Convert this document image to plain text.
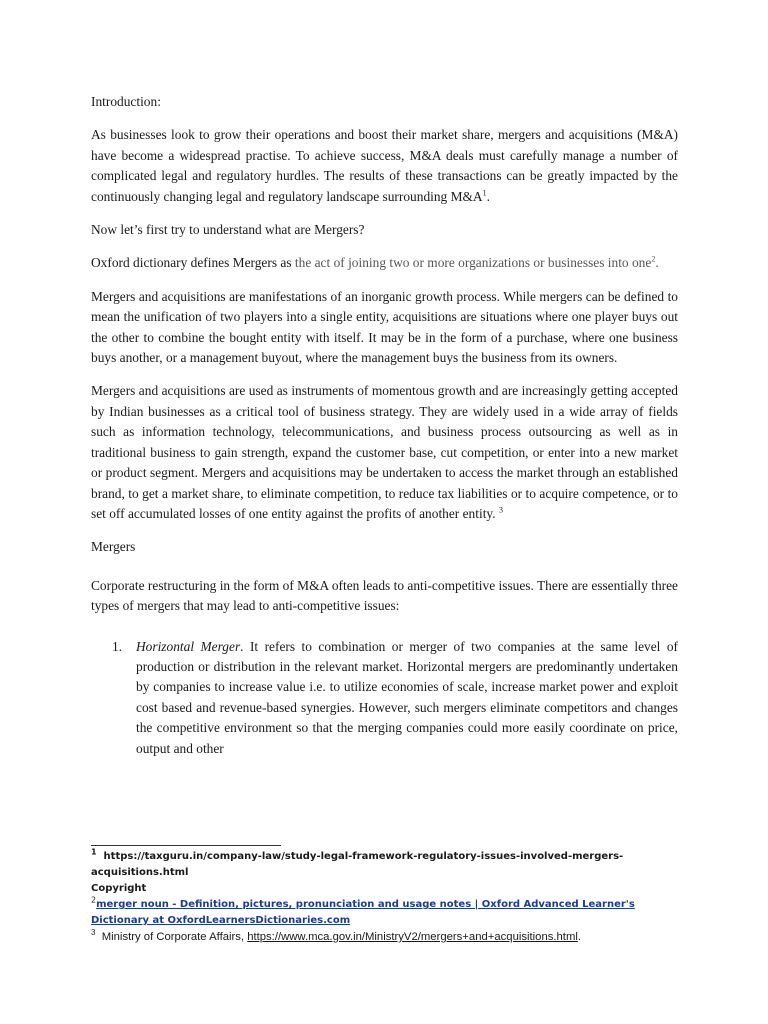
Introduction:

As businesses look to grow their operations and boost their market share, mergers and acquisitions (M&A) have become a widespread practise. To achieve success, M&A deals must carefully manage a number of complicated legal and regulatory hurdles. The results of these transactions can be greatly impacted by the continuously changing legal and regulatory landscape surrounding $M\&A^1$.

Now let’s first try to understand what are Mergers?

Oxford dictionary defines Mergers as the act of joining two or more organizations or businesses into one$^2$.

Mergers and acquisitions are manifestations of an inorganic growth process. While mergers can be defined to mean the unification of two players into a single entity, acquisitions are situations where one player buys out the other to combine the bought entity with itself. It may be in the form of a purchase, where one business buys another, or a management buyout, where the management buys the business from its owners.

Mergers and acquisitions are used as instruments of momentous growth and are increasingly getting accepted by Indian businesses as a critical tool of business strategy. They are widely used in a wide array of fields such as information technology, telecommunications, and business process outsourcing as well as in traditional business to gain strength, expand the customer base, cut competition, or enter into a new market or product segment. Mergers and acquisitions may be undertaken to access the market through an established brand, to get a market share, to eliminate competition, to reduce tax liabilities or to acquire competence, or to set off accumulated losses of one entity against the profits of another entity. $^3$

Mergers

Corporate restructuring in the form of M&A often leads to anti-competitive issues. There are essentially three types of mergers that may lead to anti-competitive issues:

1. Horizontal Merger. It refers to combination or merger of two companies at the same level of production or distribution in the relevant market. Horizontal mergers are predominantly undertaken by companies to increase value i.e. to utilize economies of scale, increase market power and exploit cost based and revenue-based synergies. However, such mergers eliminate competitors and changes the competitive environment so that the merging companies could more easily coordinate on price, output and other

$^1$ https://taxguru.in/company-law/study-legal-framework-regulatory-issues-involved-mergers-acquisitions.html

Copyright

$^2$merger noun - Definition, pictures, pronunciation and usage notes | Oxford Advanced Learner's Dictionary at OxfordLearnersDictionaries.com

$^3$ Ministry of Corporate Affairs, https://www.mca.gov.in/MinistryV2/mergers+and+acquisitions.html.
